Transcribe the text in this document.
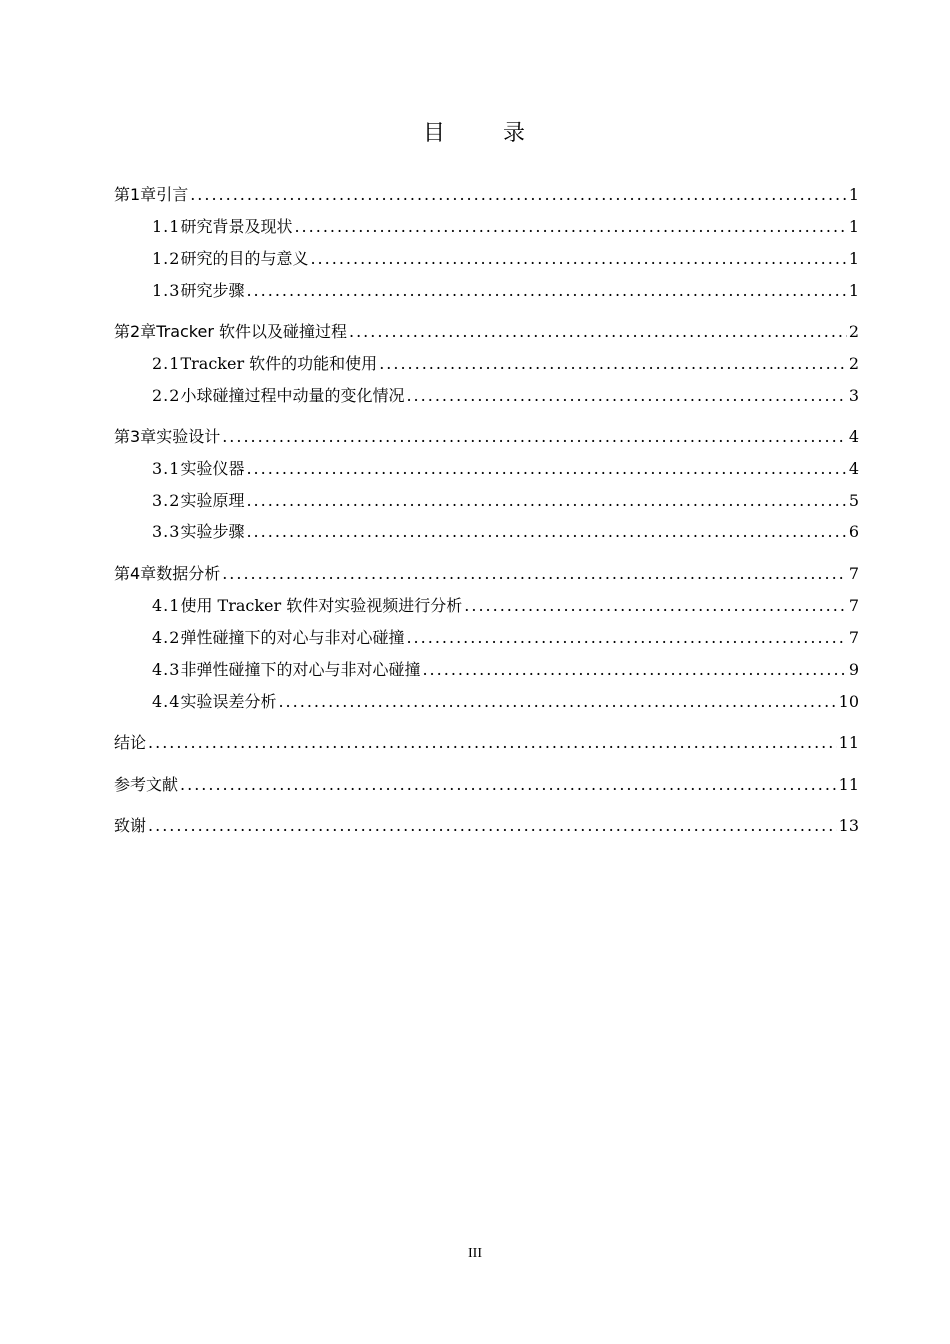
目	录
第1章 引言 .....	1
1.1 研究背景及现状 .....	1
1.2 研究的目的与意义 .....	1
1.3 研究步骤 .....	1
第2章 Tracker 软件以及碰撞过程 .....	2
2.1 Tracker 软件的功能和使用 .....	2
2.2 小球碰撞过程中动量的变化情况 .....	3
第3章 实验设计 .....	4
3.1 实验仪器 .....	4
3.2 实验原理 .....	5
3.3 实验步骤 .....	6
第4章 数据分析 .....	7
4.1 使用 Tracker 软件对实验视频进行分析 .....	7
4.2 弹性碰撞下的对心与非对心碰撞 .....	7
4.3 非弹性碰撞下的对心与非对心碰撞 .....	9
4.4 实验误差分析 .....	10
结论 .....	11
参考文献 .....	11
致谢 .....	13
III
